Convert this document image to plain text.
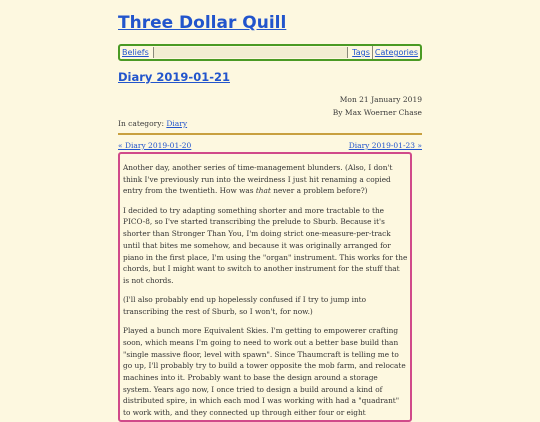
Three Dollar Quill
Beliefs	Tags Categories
Diary 2019-01-21
Mon 21 January 2019
By Max Woerner Chase
In category: Diary
« Diary 2019-01-20	Diary 2019-01-23 »

Another day, another series of time-management blunders. (Also, I don't think I've previously run into the weirdness I just hit renaming a copied entry from the twentieth. How was that never a problem before?)

I decided to try adapting something shorter and more tractable to the PICO-8, so I've started transcribing the prelude to Sburb. Because it's shorter than Stronger Than You, I'm doing strict one-measure-per-track until that bites me somehow, and because it was originally arranged for piano in the first place, I'm using the "organ" instrument. This works for the chords, but I might want to switch to another instrument for the stuff that is not chords.

(I'll also probably end up hopelessly confused if I try to jump into transcribing the rest of Sburb, so I won't, for now.)

Played a bunch more Equivalent Skies. I'm getting to empowerer crafting soon, which means I'm going to need to work out a better base build than "single massive floor, level with spawn". Since Thaumcraft is telling me to go up, I'll probably try to build a tower opposite the mob farm, and relocate machines into it. Probably want to base the design around a storage system. Years ago now, I once tried to design a build around a kind of distributed spire, in which each mod I was working with had a "quadrant" to work with, and they connected up through either four or eight
